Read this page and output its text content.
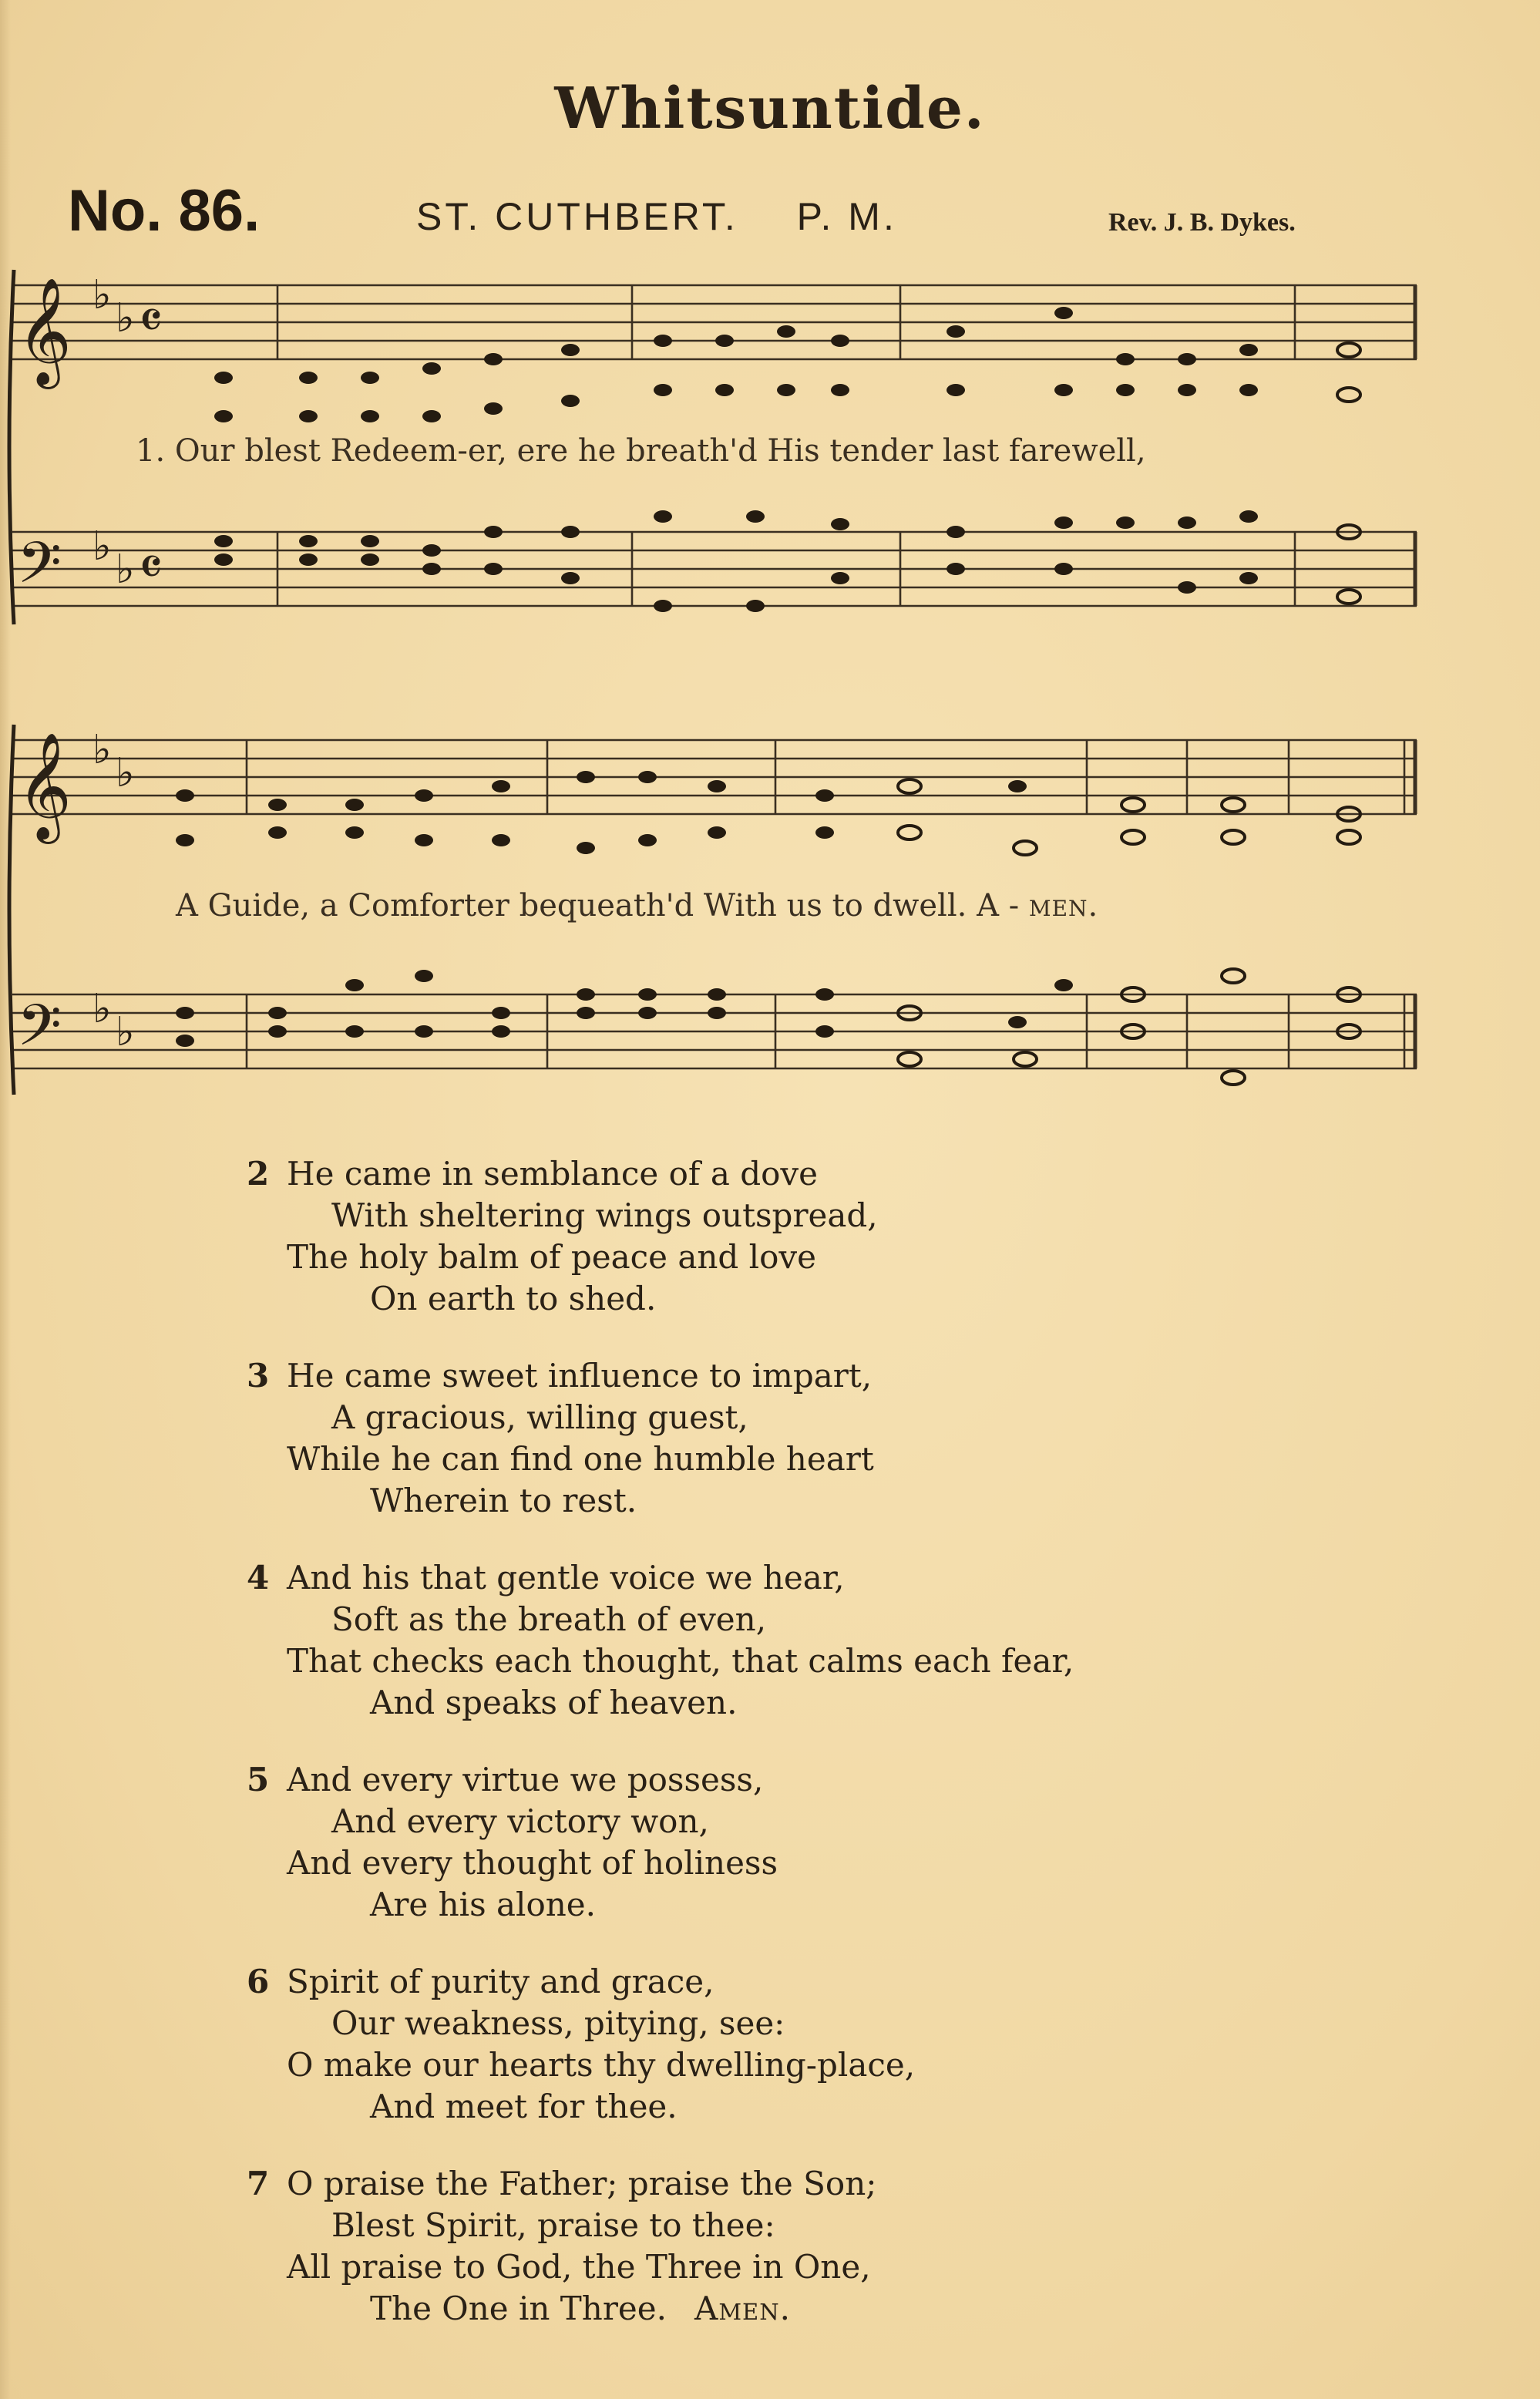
Whitsuntide.
No. 86.	ST. CUTHBERT. P. M.	Rev. J. B. Dykes.
𝄞
𝄢
♭ ♭
♭ ♭
𝄴
𝄴
1. Our blest Redeem-er, ere he breath'd His tender last farewell,
𝄞
𝄢
♭ ♭
♭ ♭
A Guide, a Comforter bequeath'd With us to dwell. A - men.
2 He came in semblance of a dove
With sheltering wings outspread,
The holy balm of peace and love
On earth to shed.
3 He came sweet influence to impart,
A gracious, willing guest,
While he can find one humble heart
Wherein to rest.
4 And his that gentle voice we hear,
Soft as the breath of even,
That checks each thought, that calms each fear,
And speaks of heaven.
5 And every virtue we possess,
And every victory won,
And every thought of holiness
Are his alone.
6 Spirit of purity and grace,
Our weakness, pitying, see:
O make our hearts thy dwelling-place,
And meet for thee.
7 O praise the Father; praise the Son;
Blest Spirit, praise to thee:
All praise to God, the Three in One,
The One in Three. Amen.
